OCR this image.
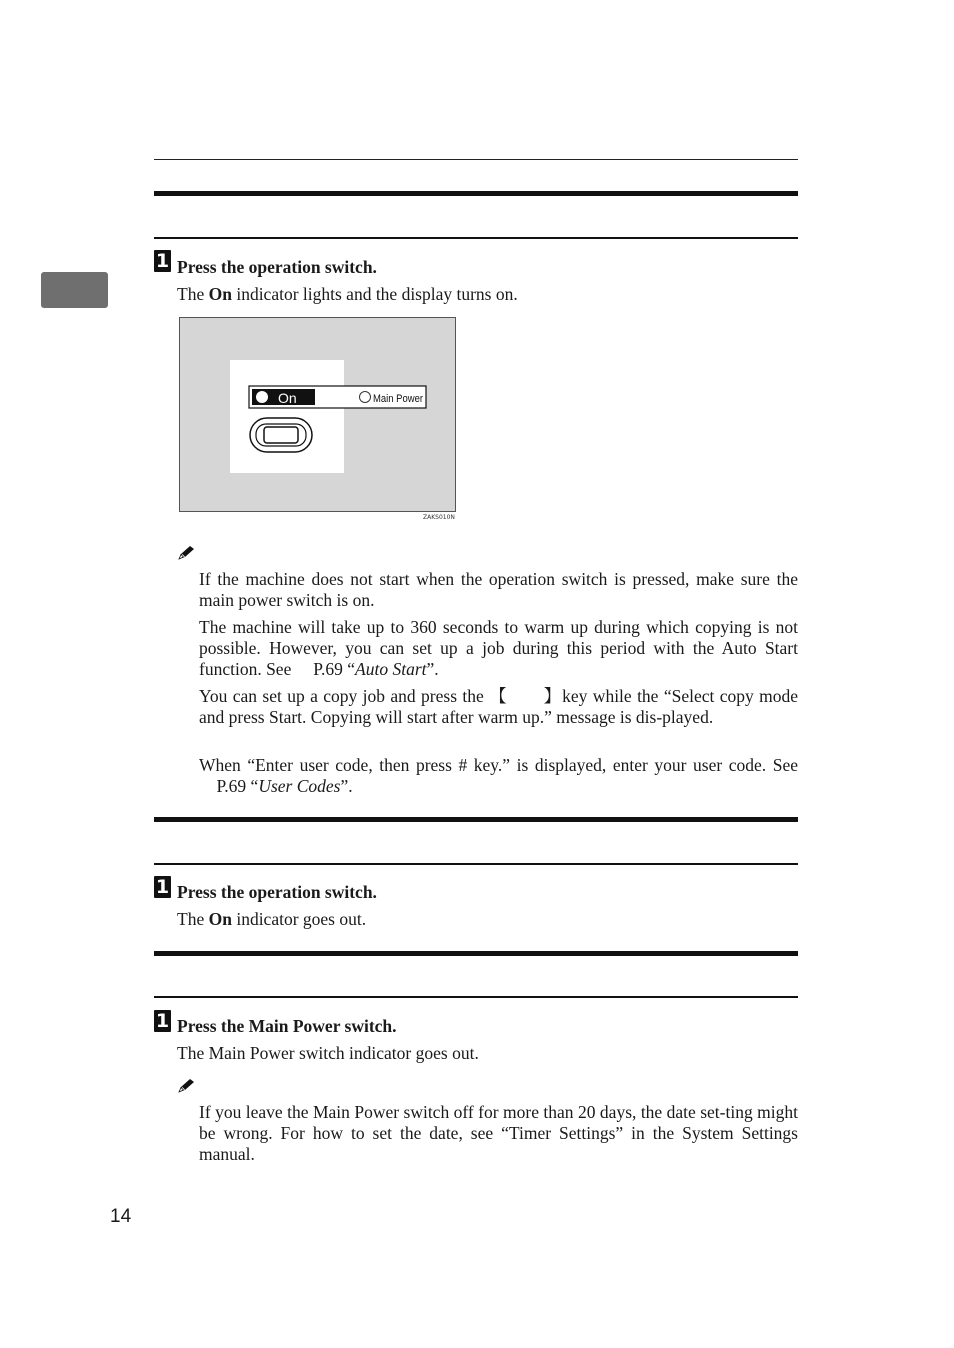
1 Press the operation switch.
The On indicator lights and the display turns on.
On	Main Power
ZAKS010N
If the machine does not start when the operation switch is pressed, make sure the main power switch is on.
The machine will take up to 360 seconds to warm up during which copying is not possible. However, you can set up a job during this period with the Auto Start function. See     P.69 “Auto Start”.
You can set up a copy job and press the 【   】key while the “Select copy mode and press Start. Copying will start after warm up.” message is dis-played.
When “Enter user code, then press # key.” is displayed, enter your user code. See     P.69 “User Codes”.
1 Press the operation switch.
The On indicator goes out.
1 Press the Main Power switch.
The Main Power switch indicator goes out.
If you leave the Main Power switch off for more than 20 days, the date set-ting might be wrong. For how to set the date, see “Timer Settings” in the System Settings manual.
14
